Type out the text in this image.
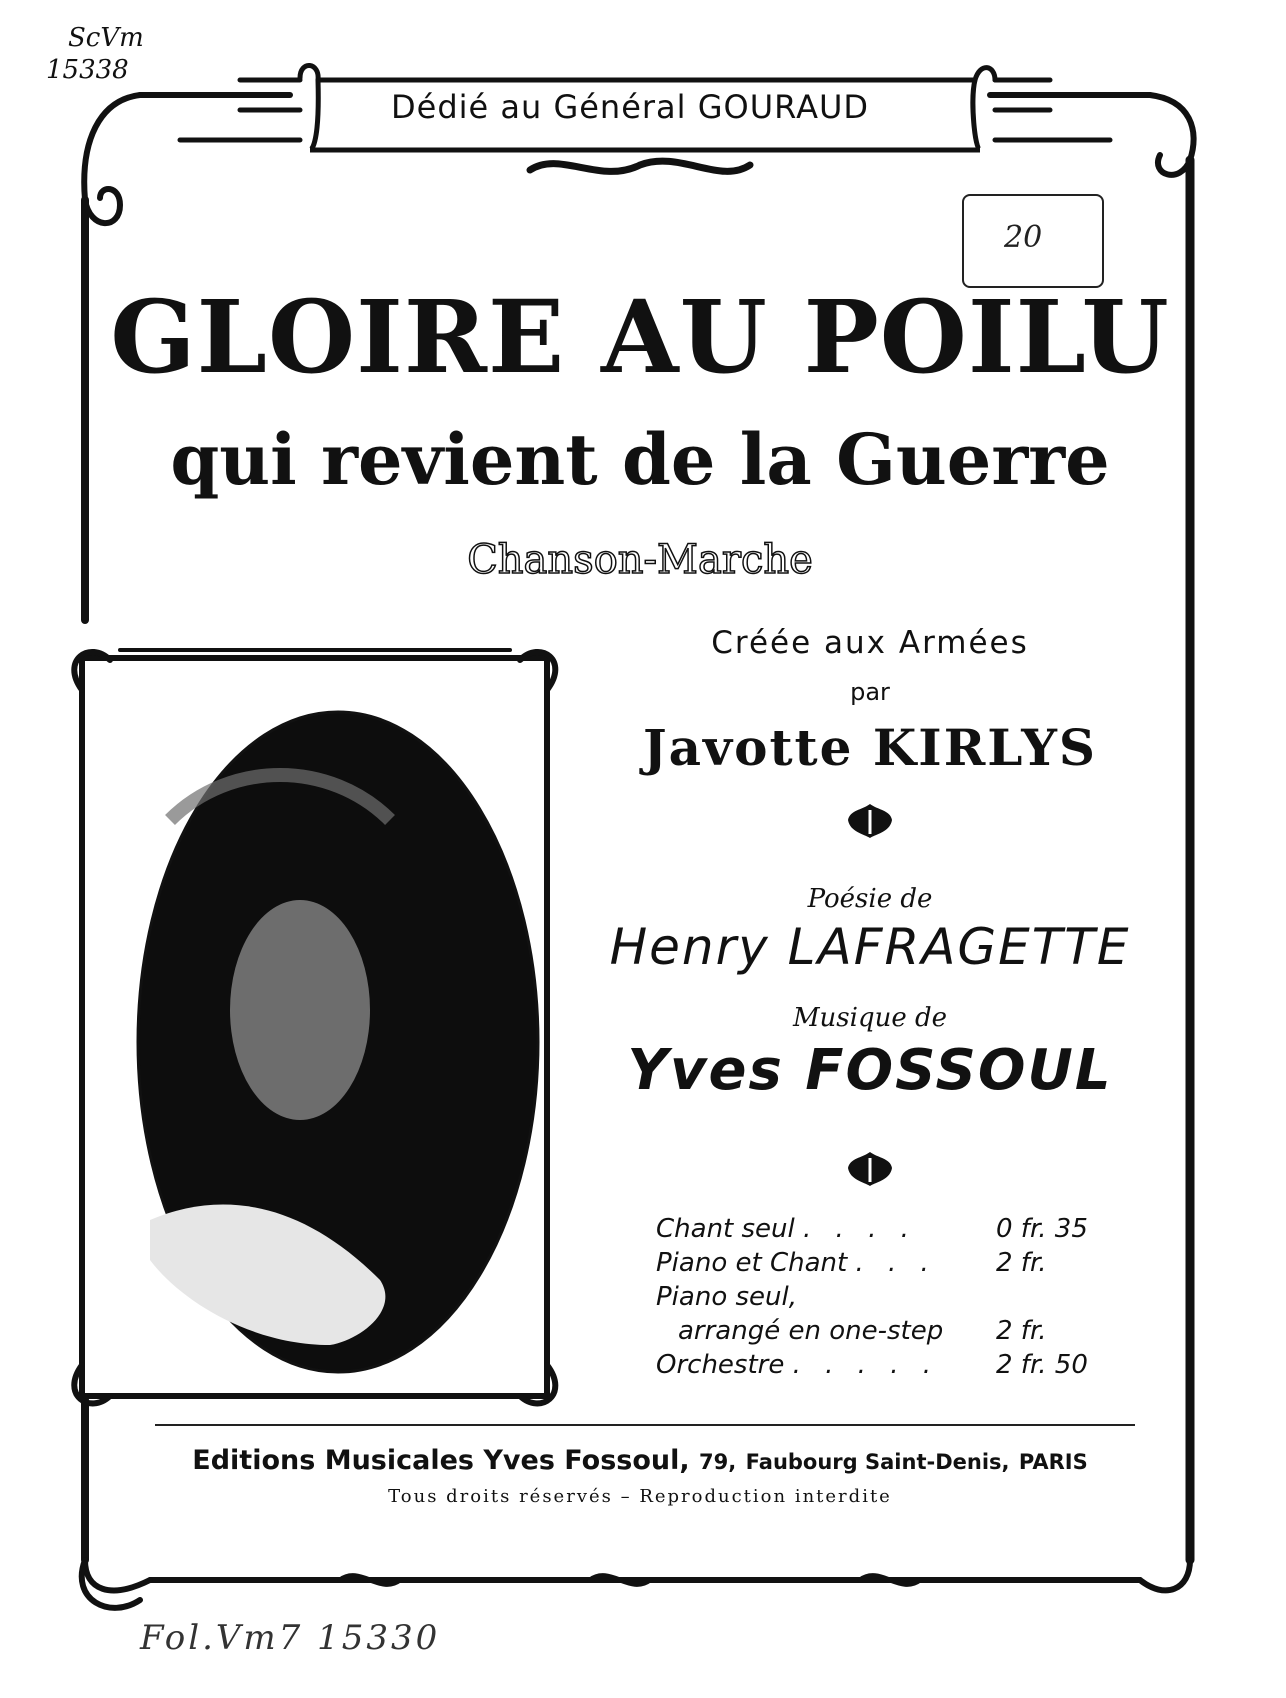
ScVm
15338
Dédié au Général GOURAUD
20
GLOIRE AU POILU
qui revient de la Guerre
Chanson-Marche
Créée aux Armées
par
Javotte KIRLYS
Poésie de
Henry LAFRAGETTE
Musique de
Yves FOSSOUL
Chant seul . . . .	0 fr. 35
Piano et Chant . . .	2 fr.
Piano seul,
arrangé en one-step	2 fr.
Orchestre . . . . .	2 fr. 50
Editions Musicales Yves Fossoul, 79, Faubourg Saint-Denis, PARIS
Tous droits réservés – Reproduction interdite
Fol.Vm7 15330
